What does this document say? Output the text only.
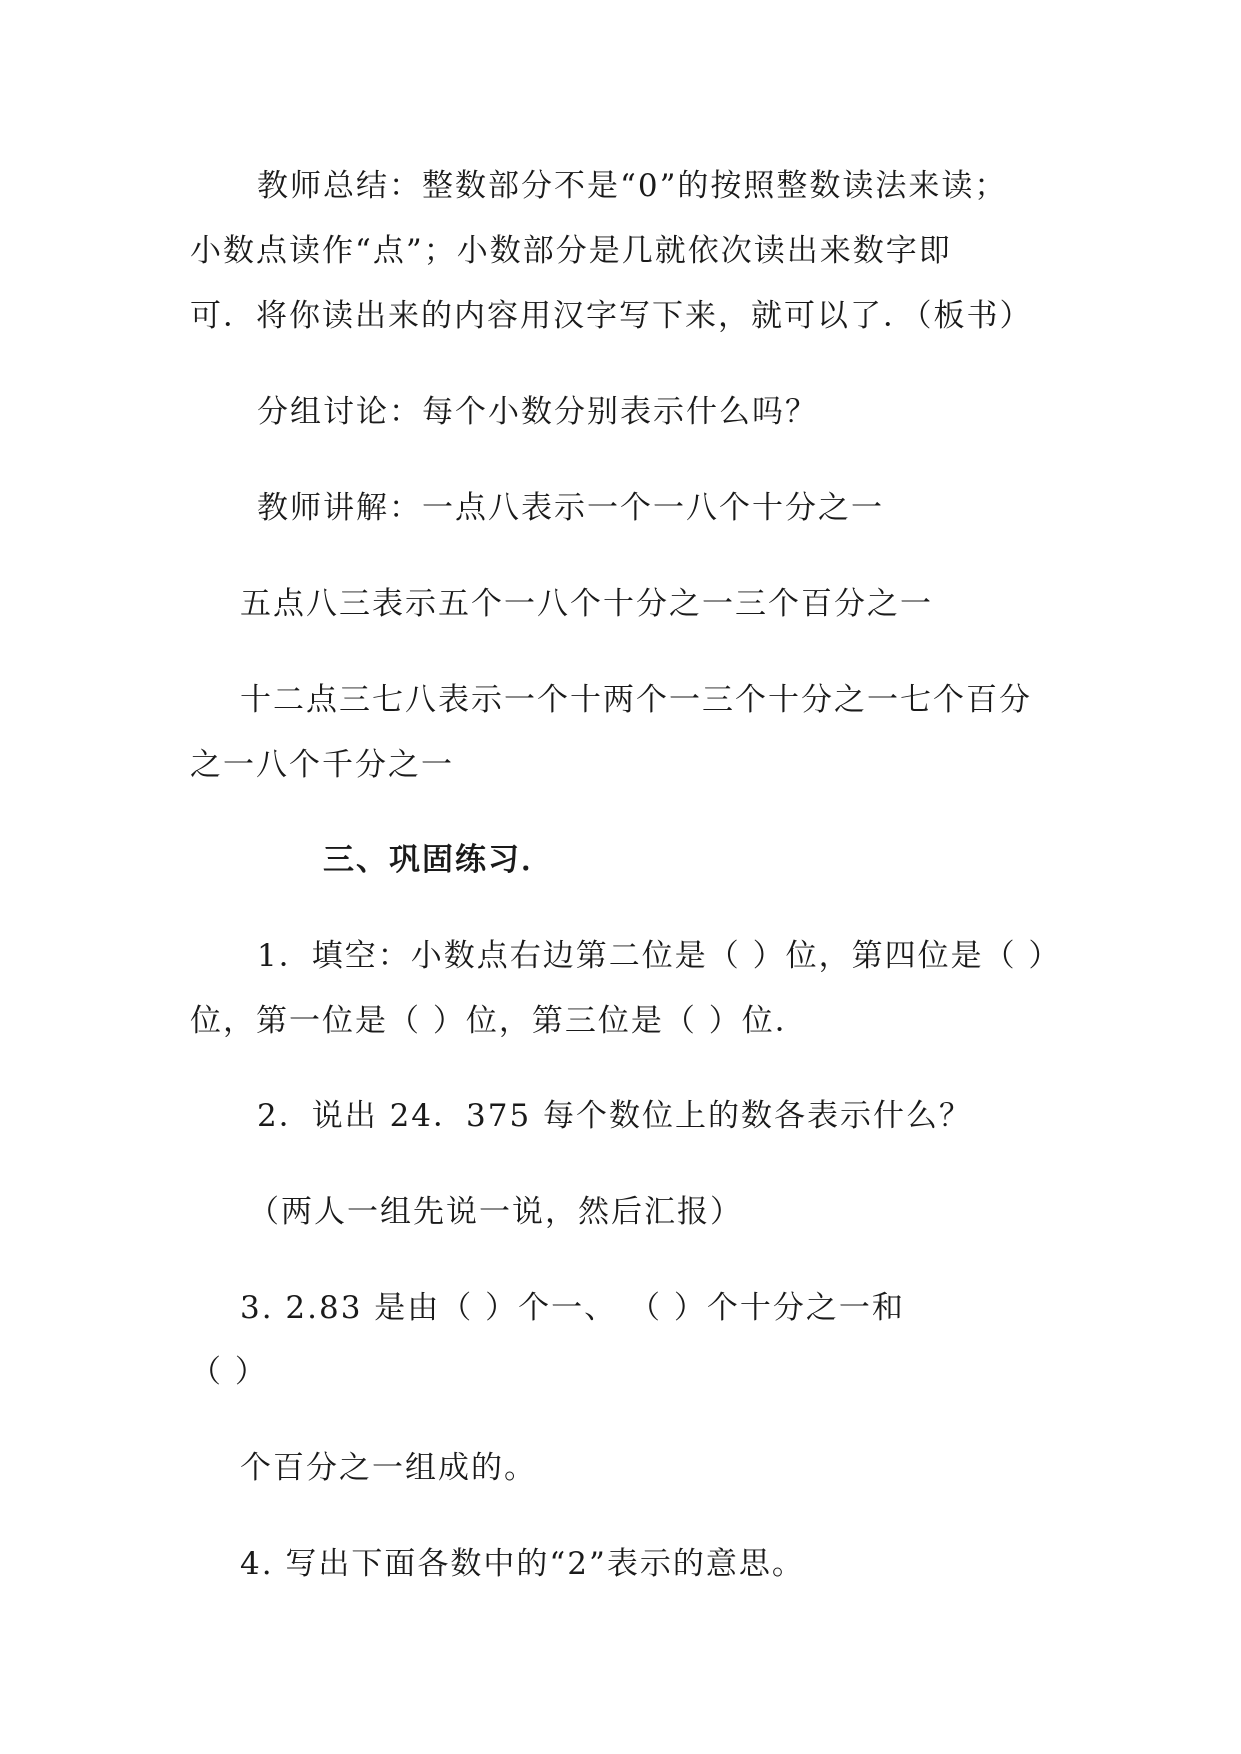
教师总结：整数部分不是“0”的按照整数读法来读；
小数点读作“点”；小数部分是几就依次读出来数字即
可．将你读出来的内容用汉字写下来，就可以了．（板书）
分组讨论：每个小数分别表示什么吗？
教师讲解：一点八表示一个一八个十分之一
五点八三表示五个一八个十分之一三个百分之一
十二点三七八表示一个十两个一三个十分之一七个百分
之一八个千分之一
三、巩固练习．
1．填空：小数点右边第二位是（ ）位，第四位是（ ）
位，第一位是（ ）位，第三位是（ ）位．
2．说出 24．375 每个数位上的数各表示什么？
（两人一组先说一说，然后汇报）
3. 2.83 是由（ ）个一、 （ ）个十分之一和
（ ）
个百分之一组成的。
4. 写出下面各数中的“2”表示的意思。
